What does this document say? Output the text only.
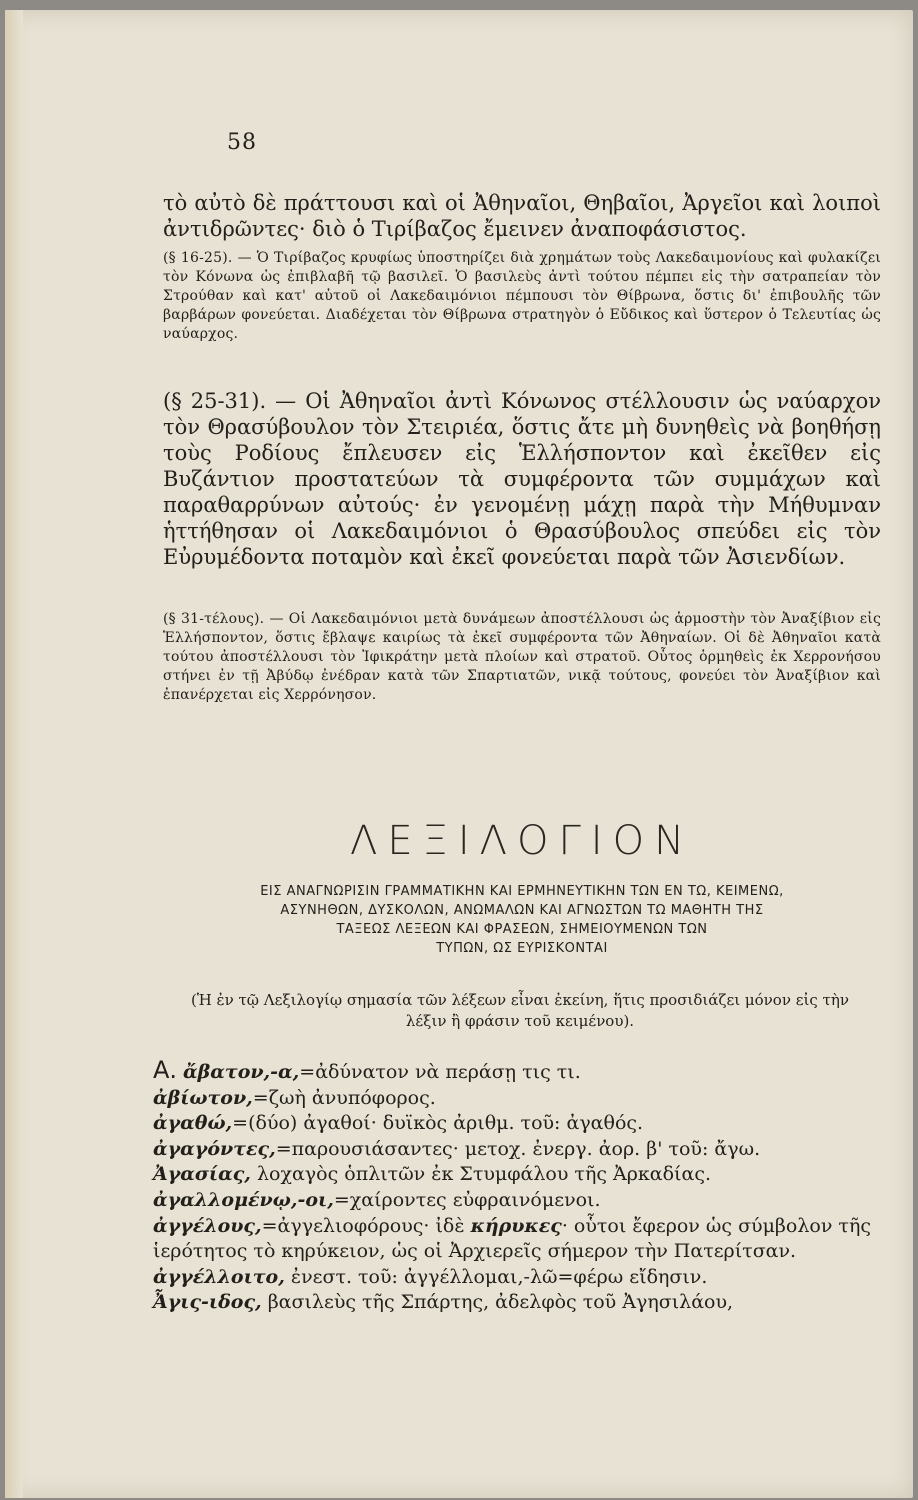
58

τὸ αὐτὸ δὲ πράττουσι καὶ οἱ Ἀθηναῖοι, Θηβαῖοι, Ἀργεῖοι καὶ λοιποὶ ἀντιδρῶντες· διὸ ὁ Τιρίβαζος ἔμεινεν ἀναποφάσιστος.

(§ 16-25). — Ὁ Τιρίβαζος κρυφίως ὑποστηρίζει διὰ χρημάτων τοὺς Λακεδαιμονίους καὶ φυλακίζει τὸν Κόνωνα ὡς ἐπιβλαβῆ τῷ βασιλεῖ. Ὁ βασιλεὺς ἀντὶ τούτου πέμπει εἰς τὴν σατραπείαν τὸν Στρούθαν καὶ κατ' αὐτοῦ οἱ Λακεδαιμόνιοι πέμπουσι τὸν Θίβρωνα, ὅστις δι' ἐπιβουλῆς τῶν βαρβάρων φονεύεται. Διαδέχεται τὸν Θίβρωνα στρατηγὸν ὁ Εὔδικος καὶ ὕστερον ὁ Τελευτίας ὡς ναύαρχος.

(§ 25-31). — Οἱ Ἀθηναῖοι ἀντὶ Κόνωνος στέλλουσιν ὡς ναύαρχον τὸν Θρασύβουλον τὸν Στειριέα, ὅστις ἄτε μὴ δυνηθεὶς νὰ βοηθήσῃ τοὺς Ροδίους ἔπλευσεν εἰς Ἑλλήσποντον καὶ ἐκεῖθεν εἰς Βυζάντιον προστατεύων τὰ συμφέροντα τῶν συμμάχων καὶ παραθαρρύνων αὐτούς· ἐν γενομένῃ μάχῃ παρὰ τὴν Μήθυμναν ἡττήθησαν οἱ Λακεδαιμόνιοι ὁ Θρασύβουλος σπεύδει εἰς τὸν Εὐρυμέδοντα ποταμὸν καὶ ἐκεῖ φονεύεται παρὰ τῶν Ἀσιενδίων.

(§ 31-τέλους). — Οἱ Λακεδαιμόνιοι μετὰ δυνάμεων ἀποστέλλουσι ὡς ἁρμοστὴν τὸν Ἀναξίβιον εἰς Ἑλλήσποντον, ὅστις ἔβλαψε καιρίως τὰ ἐκεῖ συμφέροντα τῶν Ἀθηναίων. Οἱ δὲ Ἀθηναῖοι κατὰ τούτου ἀποστέλλουσι τὸν Ἰφικράτην μετὰ πλοίων καὶ στρατοῦ. Οὗτος ὁρμηθεὶς ἐκ Χερρονήσου στήνει ἐν τῇ Ἀβύδῳ ἐνέδραν κατὰ τῶν Σπαρτιατῶν, νικᾷ τούτους, φονεύει τὸν Ἀναξίβιον καὶ ἐπανέρχεται εἰς Χερρόνησον.

ΛΕΞΙΛΟΓΙΟΝ
ΕΙΣ ΑΝΑΓΝΩΡΙΣΙΝ ΓΡΑΜΜΑΤΙΚΗΝ ΚΑΙ ΕΡΜΗΝΕΥΤΙΚΗΝ ΤΩΝ ΕΝ ΤΩ, ΚΕΙΜΕΝΩ,
ΑΣΥΝΗΘΩΝ, ΔΥΣΚΟΛΩΝ, ΑΝΩΜΑΛΩΝ ΚΑΙ ΑΓΝΩΣΤΩΝ ΤΩ ΜΑΘΗΤΗ ΤΗΣ
ΤΑΞΕΩΣ ΛΕΞΕΩΝ ΚΑΙ ΦΡΑΣΕΩΝ, ΣΗΜΕΙΟΥΜΕΝΩΝ ΤΩΝ
ΤΥΠΩΝ, ΩΣ ΕΥΡΙΣΚΟΝΤΑΙ
(Ἡ ἐν τῷ Λεξιλογίῳ σημασία τῶν λέξεων εἶναι ἐκείνη, ἥτις προσιδιάζει μόνον εἰς τὴν λέξιν ἢ φράσιν τοῦ κειμένου).

Α. ἄβατον,-α,=ἀδύνατον νὰ περάσῃ τις τι.

ἀβίωτον,=ζωὴ ἀνυπόφορος.

ἀγαθώ,=(δύο) ἀγαθοί· δυϊκὸς ἀριθμ. τοῦ: ἀγαθός.

ἀγαγόντες,=παρουσιάσαντες· μετοχ. ἐνεργ. ἀορ. β' τοῦ: ἄγω.

Ἀγασίας, λοχαγὸς ὁπλιτῶν ἐκ Στυμφάλου τῆς Ἀρκαδίας.

ἀγαλλομένῳ,-οι,=χαίροντες εὐφραινόμενοι.

ἀγγέλους,=ἀγγελιοφόρους· ἰδὲ κήρυκες· οὗτοι ἔφερον ὡς σύμβολον τῆς ἱερότητος τὸ κηρύκειον, ὡς οἱ Ἀρχιερεῖς σήμερον τὴν Πατερίτσαν.

ἀγγέλλοιτο, ἐνεστ. τοῦ: ἀγγέλλομαι,-λῶ=φέρω εἴδησιν.

Ἆγις-ιδος, βασιλεὺς τῆς Σπάρτης, ἀδελφὸς τοῦ Ἀγησιλάου,
